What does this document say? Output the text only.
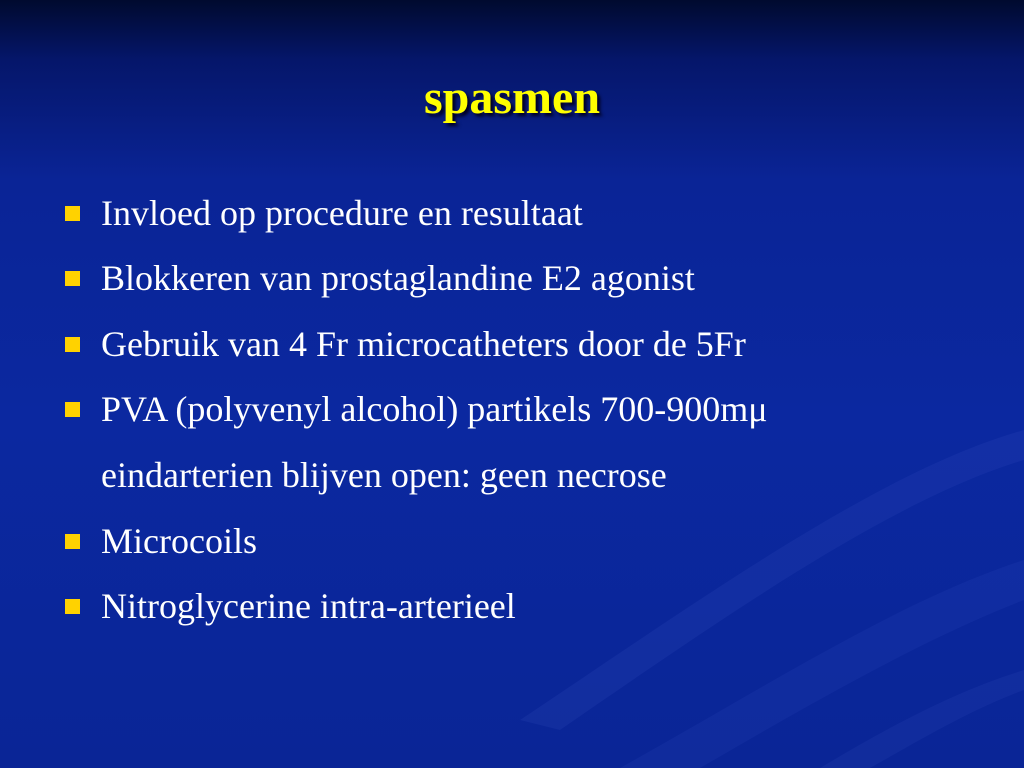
spasmen
Invloed op procedure en resultaat
Blokkeren van prostaglandine E2 agonist
Gebruik van 4 Fr microcatheters door de 5Fr
PVA (polyvenyl alcohol) partikels 700-900mμ
eindarterien blijven open: geen necrose
Microcoils
Nitroglycerine intra-arterieel
